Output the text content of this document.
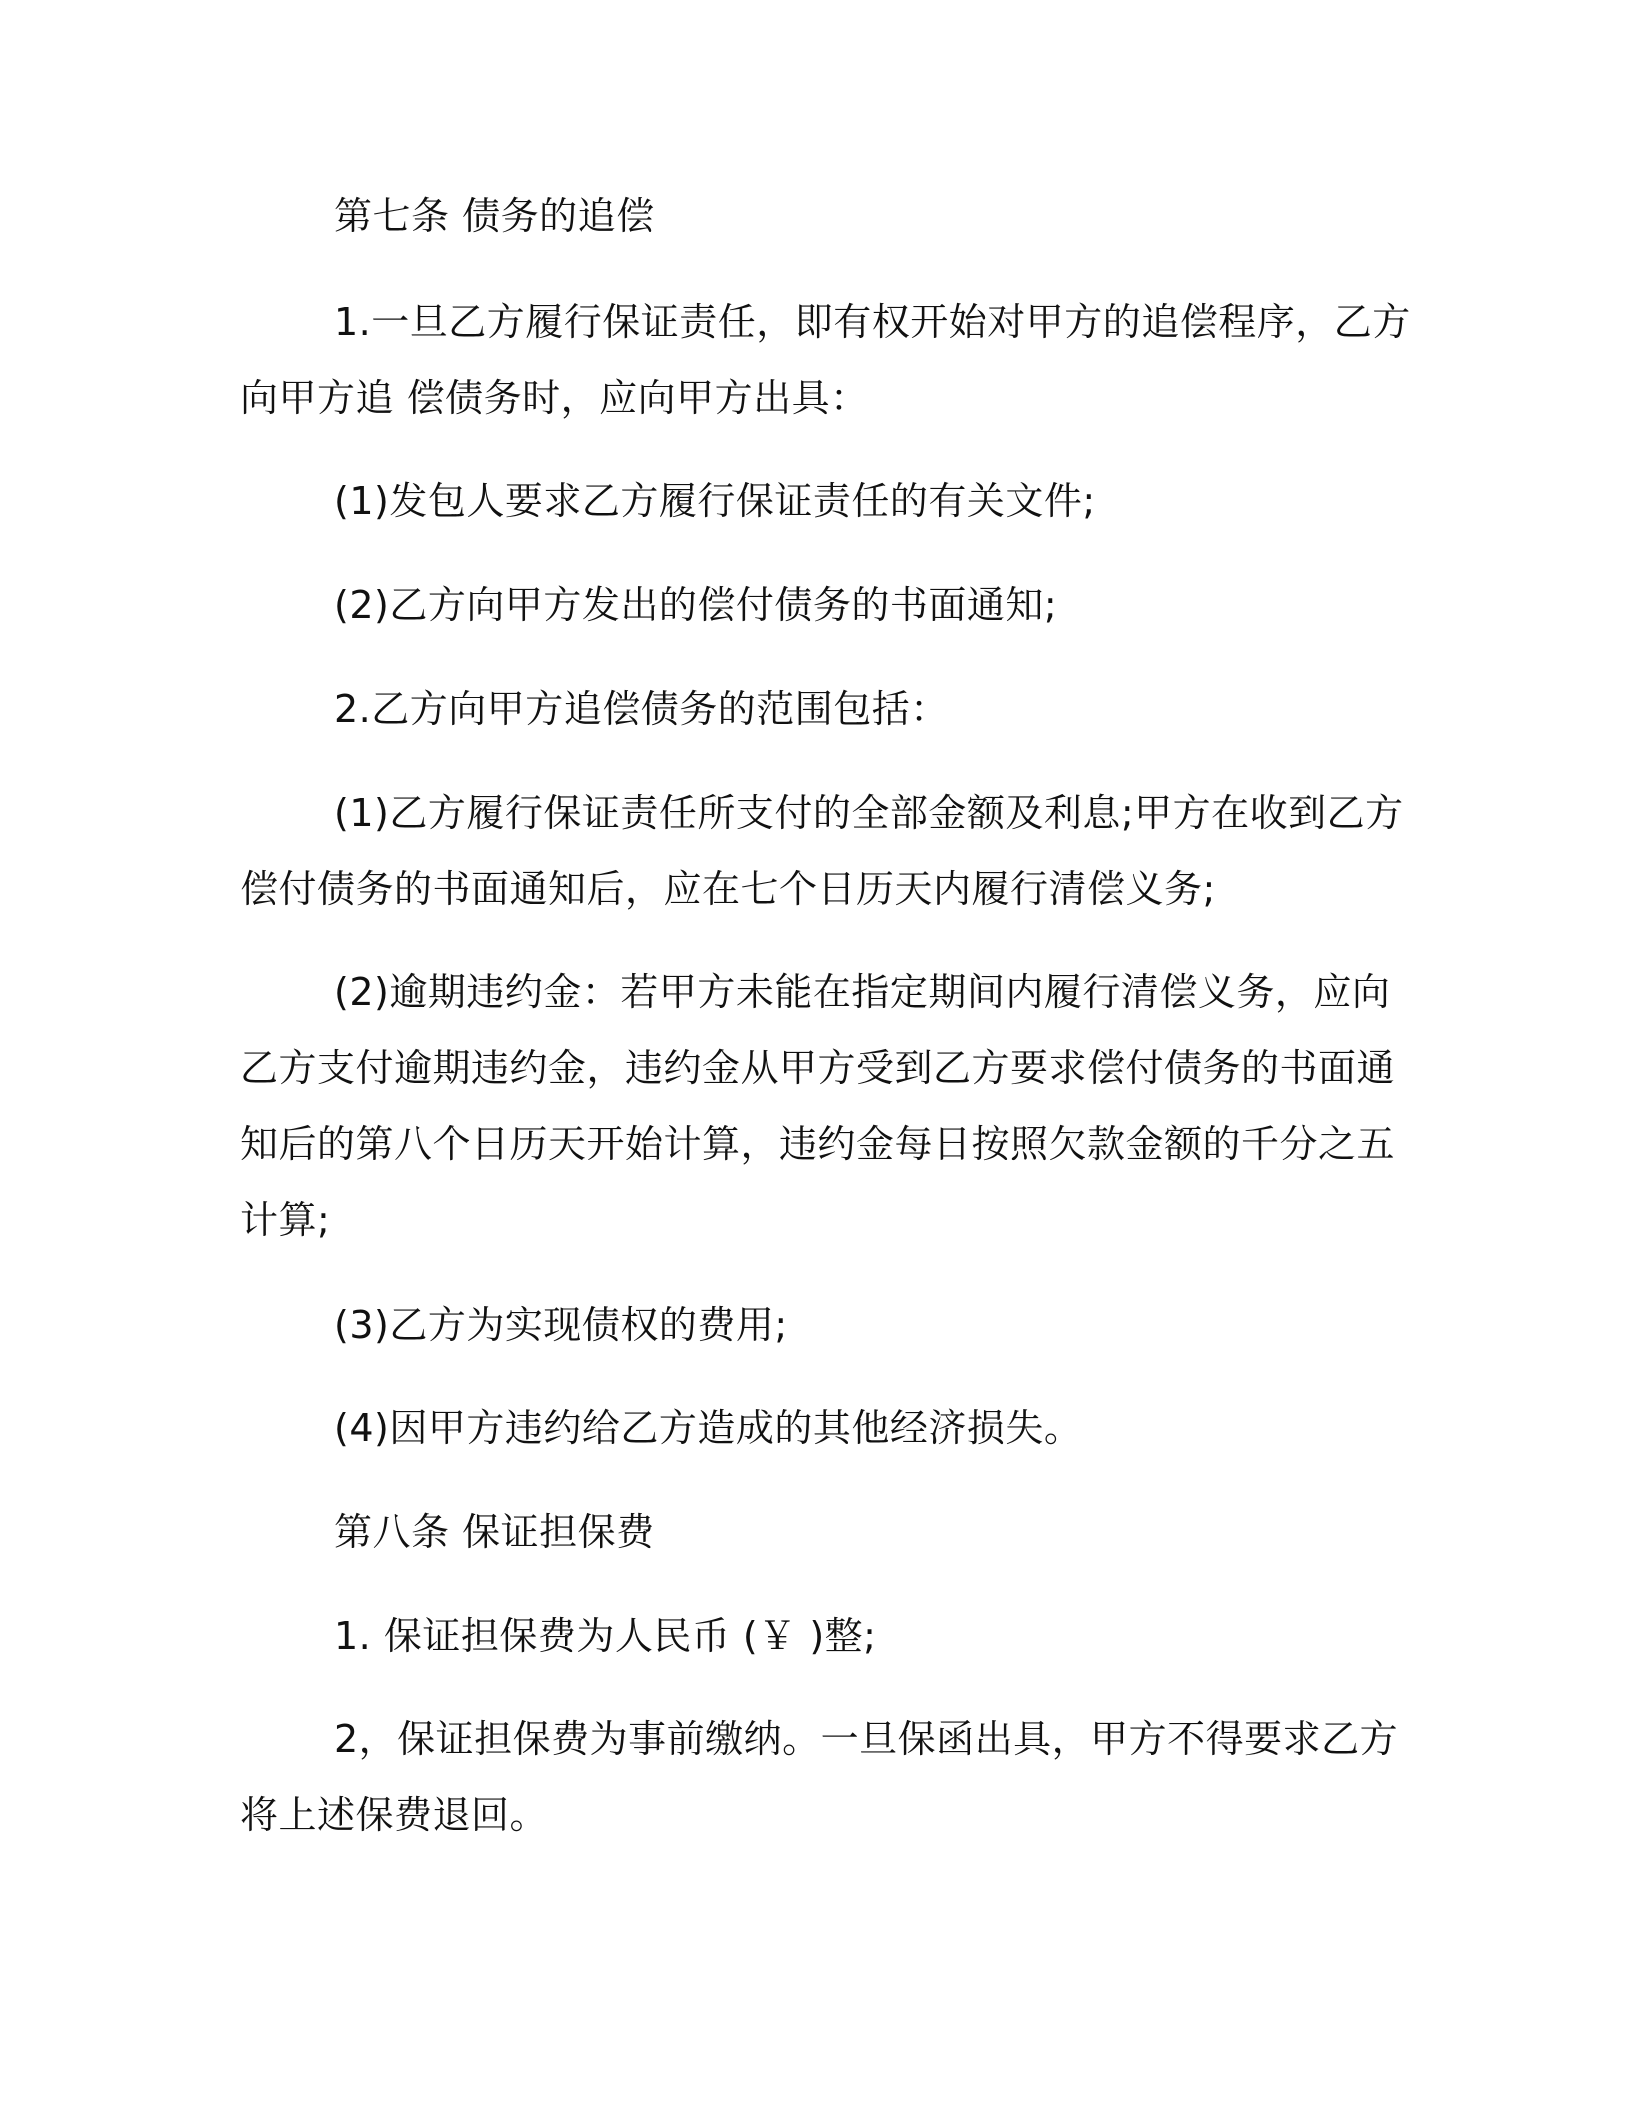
第七条 债务的追偿

1.一旦乙方履行保证责任，即有权开始对甲方的追偿程序，乙方

向甲方追 偿债务时，应向甲方出具：

(1)发包人要求乙方履行保证责任的有关文件;

(2)乙方向甲方发出的偿付债务的书面通知;

2.乙方向甲方追偿债务的范围包括：

(1)乙方履行保证责任所支付的全部金额及利息;甲方在收到乙方

偿付债务的书面通知后，应在七个日历天内履行清偿义务;

(2)逾期违约金：若甲方未能在指定期间内履行清偿义务，应向

乙方支付逾期违约金，违约金从甲方受到乙方要求偿付债务的书面通

知后的第八个日历天开始计算，违约金每日按照欠款金额的千分之五

计算;

(3)乙方为实现债权的费用;

(4)因甲方违约给乙方造成的其他经济损失。

第八条 保证担保费

1. 保证担保费为人民币 (￥ )整;

2，保证担保费为事前缴纳。一旦保函出具，甲方不得要求乙方

将上述保费退回。
